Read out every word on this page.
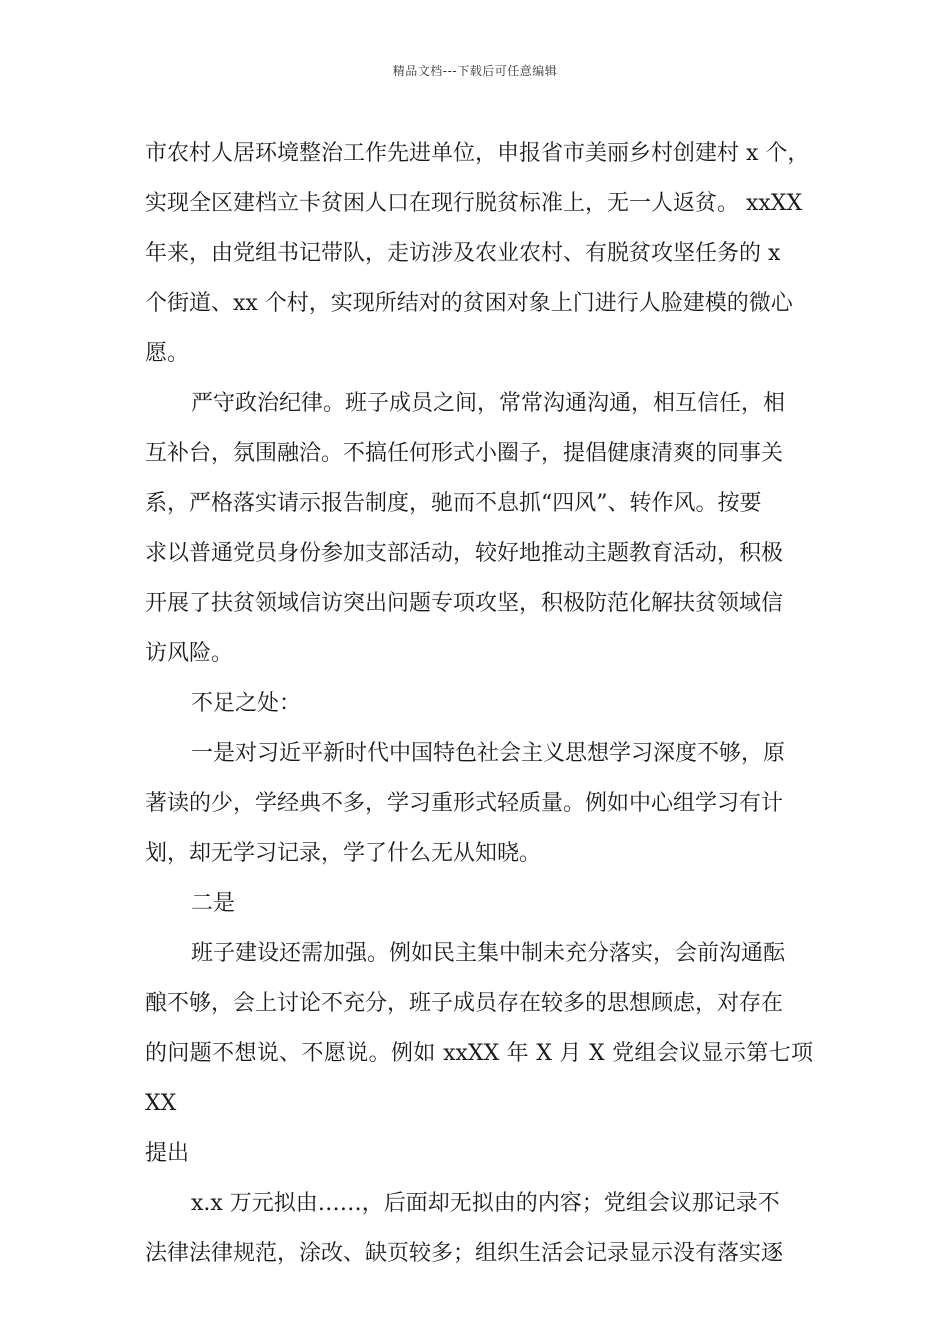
精品文档---下载后可任意编辑
市农村人居环境整治工作先进单位，申报省市美丽乡村创建村 x 个，
实现全区建档立卡贫困人口在现行脱贫标准上，无一人返贫。 xxXX
年来，由党组书记带队，走访涉及农业农村、有脱贫攻坚任务的 x
个街道、xx 个村，实现所结对的贫困对象上门进行人脸建模的微心
愿。
严守政治纪律。班子成员之间，常常沟通沟通，相互信任，相
互补台，氛围融洽。不搞任何形式小圈子，提倡健康清爽的同事关
系，严格落实请示报告制度，驰而不息抓“四风”、转作风。按要
求以普通党员身份参加支部活动，较好地推动主题教育活动，积极
开展了扶贫领域信访突出问题专项攻坚，积极防范化解扶贫领域信
访风险。
不足之处：
一是对习近平新时代中国特色社会主义思想学习深度不够，原
著读的少，学经典不多，学习重形式轻质量。例如中心组学习有计
划，却无学习记录，学了什么无从知晓。
二是
班子建设还需加强。例如民主集中制未充分落实，会前沟通酝
酿不够，会上讨论不充分，班子成员存在较多的思想顾虑，对存在
的问题不想说、不愿说。例如 xxXX 年 X 月 X 党组会议显示第七项 XX
提出
x.x 万元拟由……，后面却无拟由的内容；党组会议那记录不
法律法律规范，涂改、缺页较多；组织生活会记录显示没有落实逐
